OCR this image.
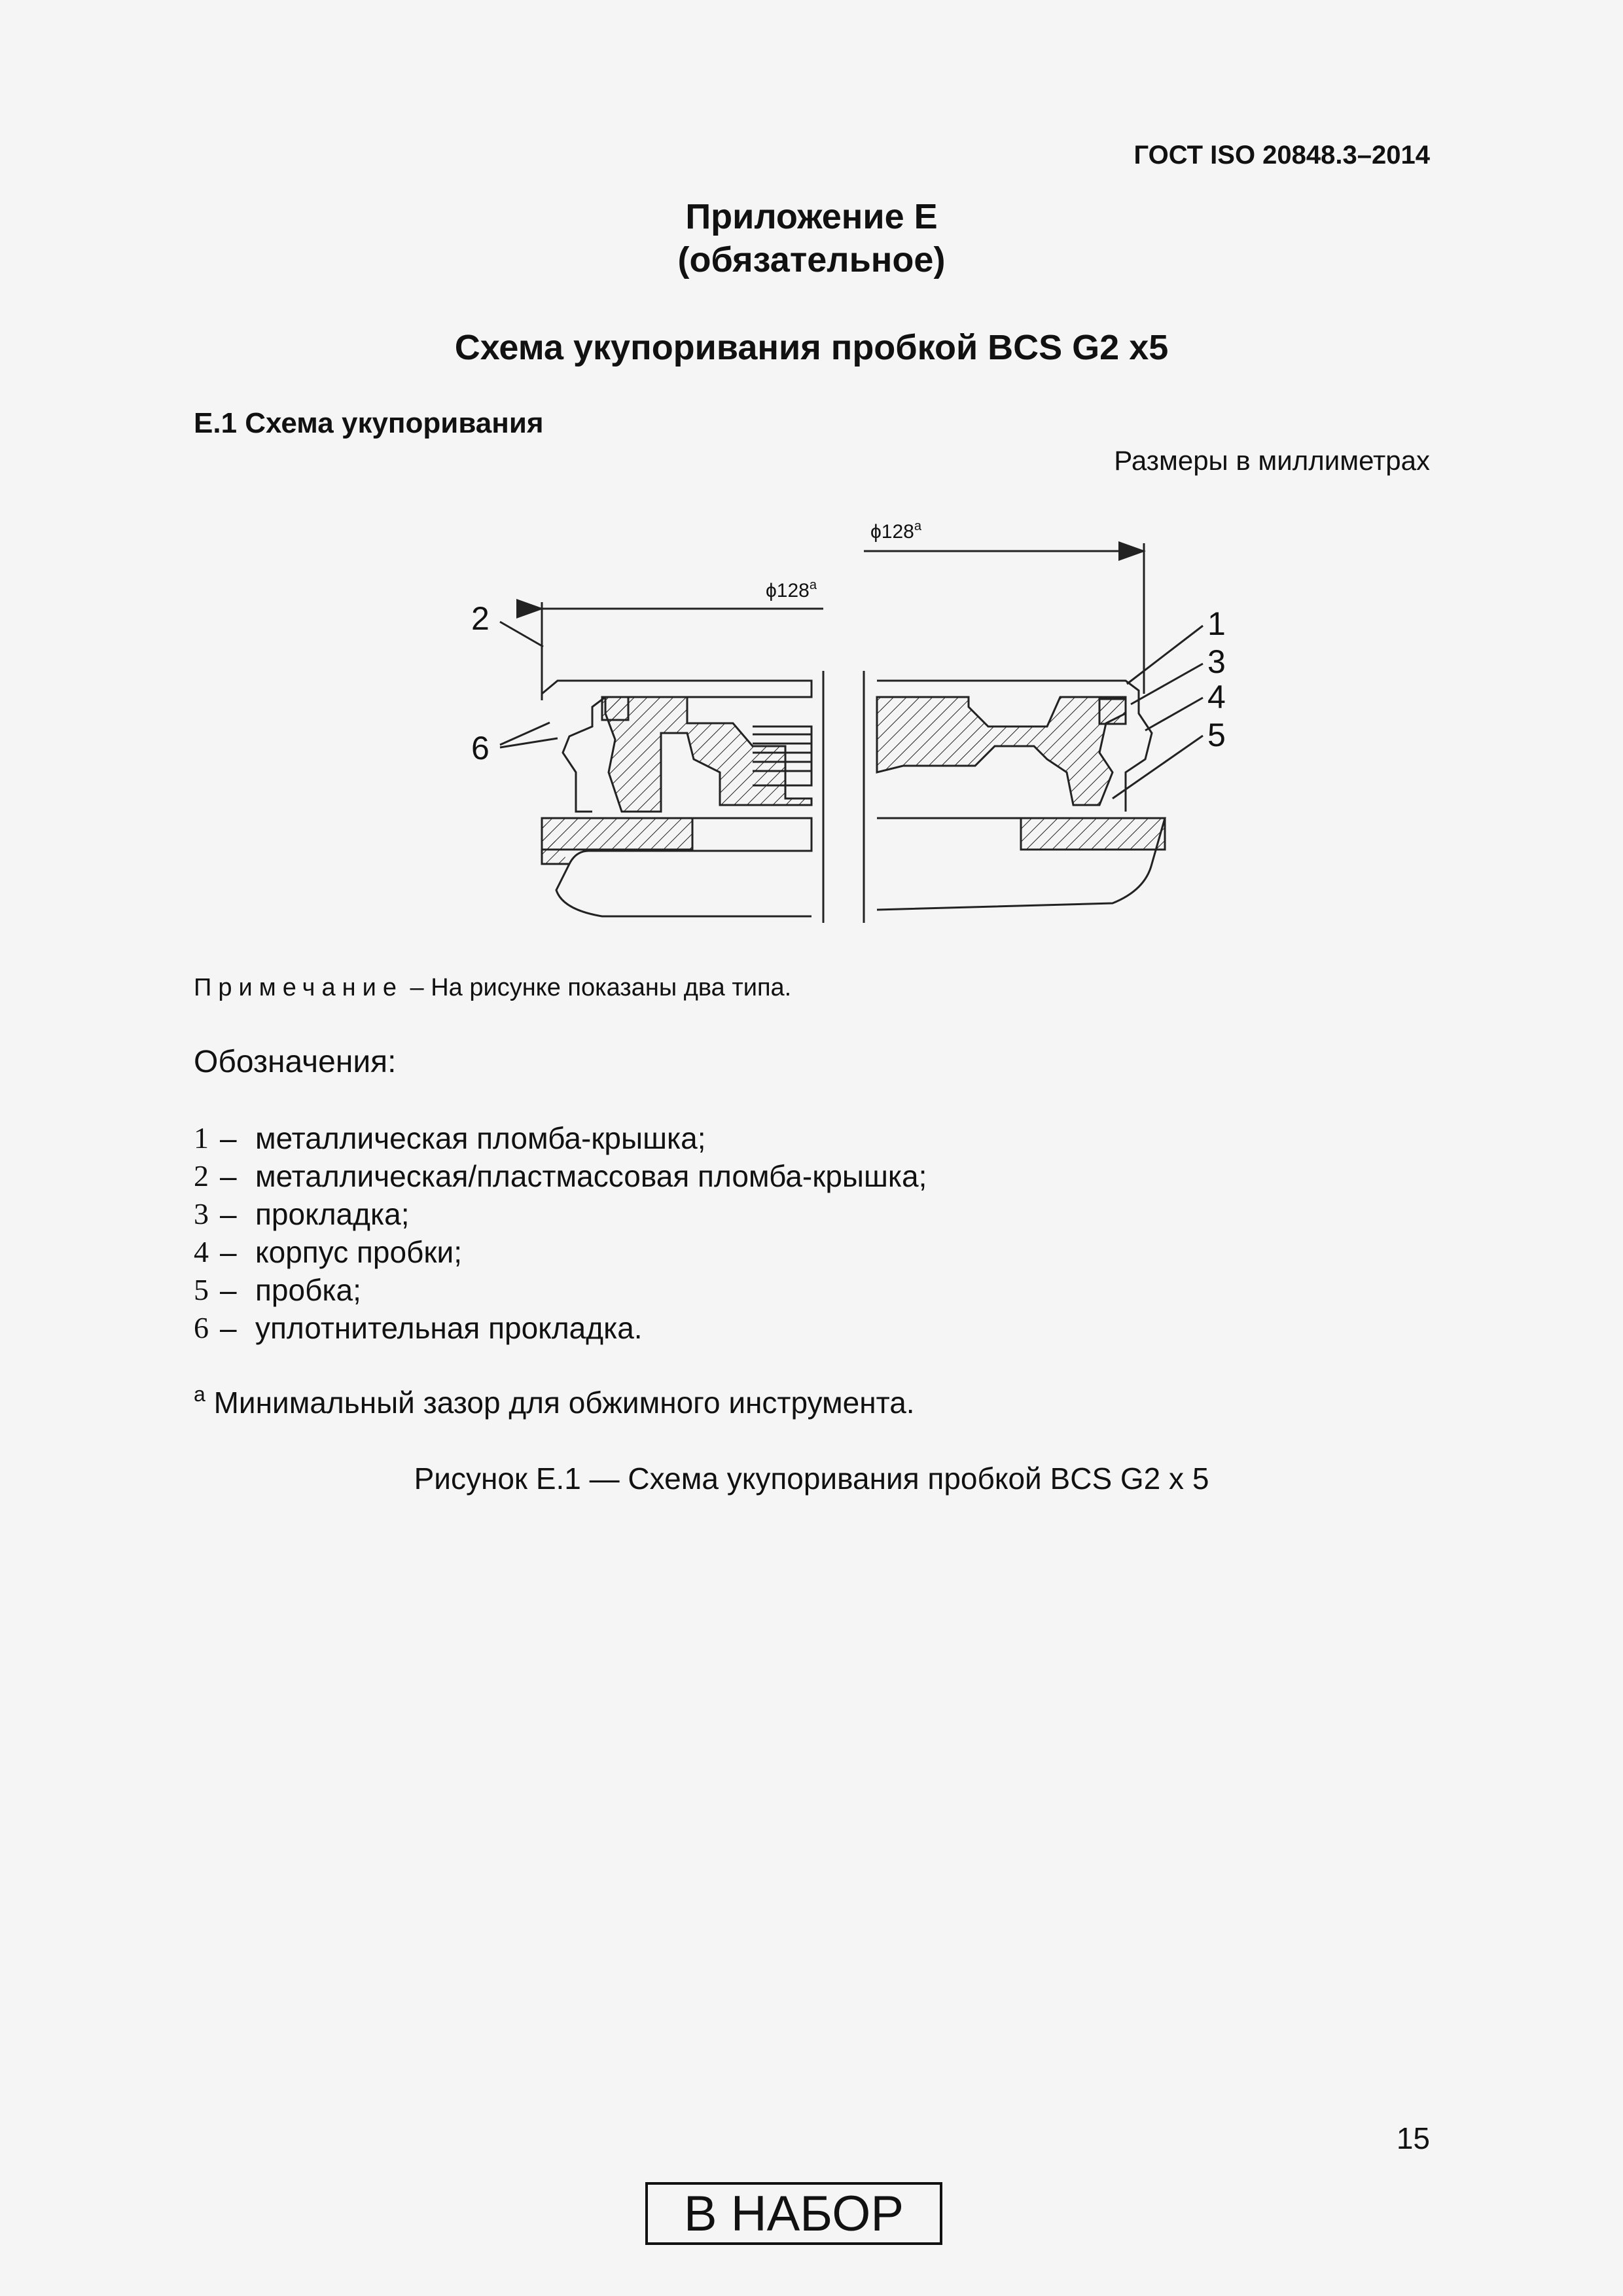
ГОСТ ISO 20848.3–2014
Приложение Е
(обязательное)
Схема укупоривания пробкой BCS G2 x5
Е.1 Схема укупоривания
Размеры в миллиметрах
ϕ128$^a$
ϕ128$^a$
2
6
1
3
4
5
Примечание – На рисунке показаны два типа.
Обозначения:
1 – металлическая пломба-крышка;
2 – металлическая/пластмассовая пломба-крышка;
3 – прокладка;
4 – корпус пробки;
5 – пробка;
6 – уплотнительная прокладка.
$^a$ Минимальный зазор для обжимного инструмента.
Рисунок Е.1 — Схема укупоривания пробкой BCS G2 x 5
15
В НАБОР
